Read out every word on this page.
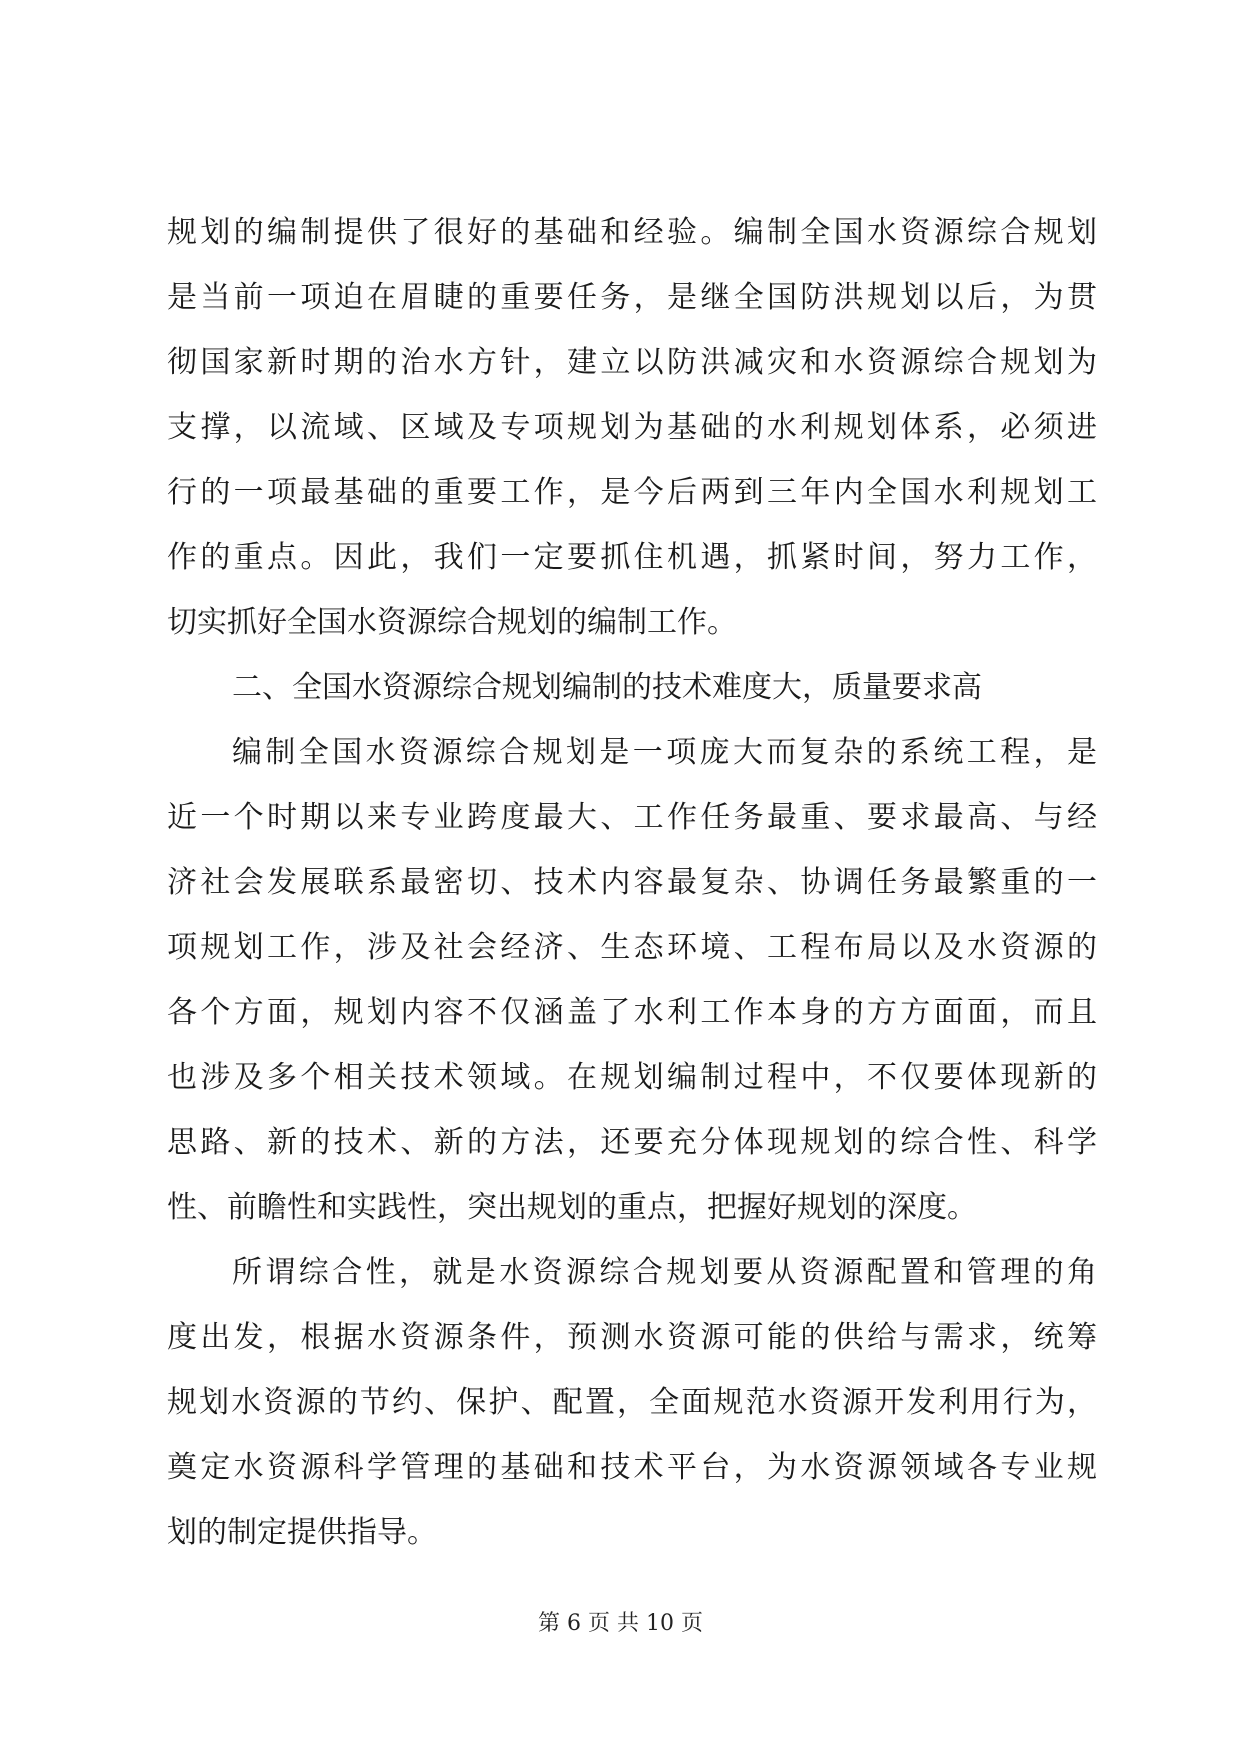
规划的编制提供了很好的基础和经验。编制全国水资源综合规划
是当前一项迫在眉睫的重要任务，是继全国防洪规划以后，为贯
彻国家新时期的治水方针，建立以防洪减灾和水资源综合规划为
支撑，以流域、区域及专项规划为基础的水利规划体系，必须进
行的一项最基础的重要工作，是今后两到三年内全国水利规划工
作的重点。因此，我们一定要抓住机遇，抓紧时间，努力工作，
切实抓好全国水资源综合规划的编制工作。
二、全国水资源综合规划编制的技术难度大，质量要求高
编制全国水资源综合规划是一项庞大而复杂的系统工程，是
近一个时期以来专业跨度最大、工作任务最重、要求最高、与经
济社会发展联系最密切、技术内容最复杂、协调任务最繁重的一
项规划工作，涉及社会经济、生态环境、工程布局以及水资源的
各个方面，规划内容不仅涵盖了水利工作本身的方方面面，而且
也涉及多个相关技术领域。在规划编制过程中，不仅要体现新的
思路、新的技术、新的方法，还要充分体现规划的综合性、科学
性、前瞻性和实践性，突出规划的重点，把握好规划的深度。
所谓综合性，就是水资源综合规划要从资源配置和管理的角
度出发，根据水资源条件，预测水资源可能的供给与需求，统筹
规划水资源的节约、保护、配置，全面规范水资源开发利用行为，
奠定水资源科学管理的基础和技术平台，为水资源领域各专业规
划的制定提供指导。
第 6 页 共 10 页
